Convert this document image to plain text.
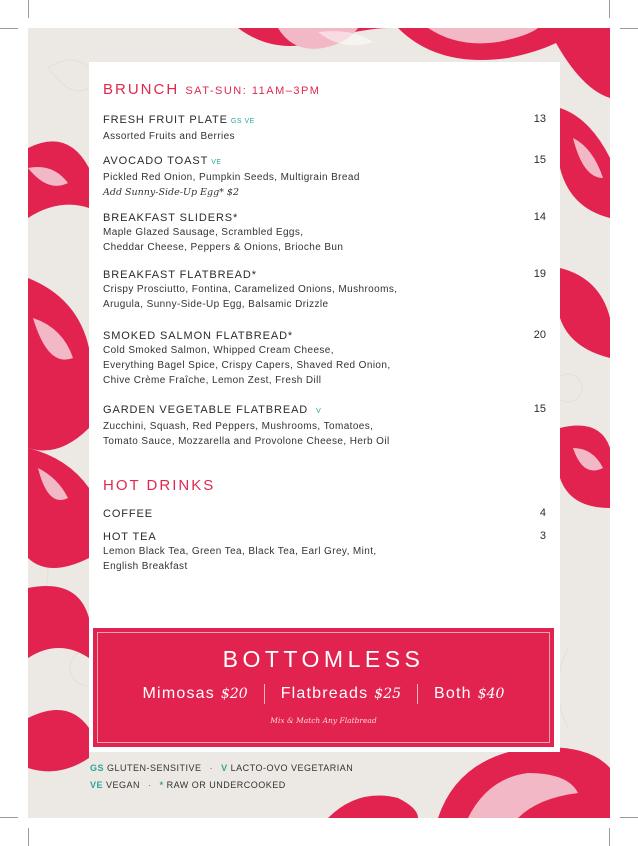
BRUNCH SAT-SUN: 11AM–3PM
FRESH FRUIT PLATE GS VE	13
Assorted Fruits and Berries
AVOCADO TOAST VE	15
Pickled Red Onion, Pumpkin Seeds, Multigrain Bread
Add Sunny-Side-Up Egg* $2
BREAKFAST SLIDERS*	14
Maple Glazed Sausage, Scrambled Eggs,
Cheddar Cheese, Peppers & Onions, Brioche Bun
BREAKFAST FLATBREAD*	19
Crispy Prosciutto, Fontina, Caramelized Onions, Mushrooms,
Arugula, Sunny-Side-Up Egg, Balsamic Drizzle
SMOKED SALMON FLATBREAD*	20
Cold Smoked Salmon, Whipped Cream Cheese,
Everything Bagel Spice, Crispy Capers, Shaved Red Onion,
Chive Crème Fraîche, Lemon Zest, Fresh Dill
GARDEN VEGETABLE FLATBREAD V	15
Zucchini, Squash, Red Peppers, Mushrooms, Tomatoes,
Tomato Sauce, Mozzarella and Provolone Cheese, Herb Oil
HOT DRINKS
COFFEE	4
HOT TEA	3
Lemon Black Tea, Green Tea, Black Tea, Earl Grey, Mint,
English Breakfast
BOTTOMLESS
Mimosas $20	Flatbreads $25	Both $40
Mix & Match Any Flatbread
GS GLUTEN-SENSITIVE · V LACTO-OVO VEGETARIAN
VE VEGAN · * RAW OR UNDERCOOKED
